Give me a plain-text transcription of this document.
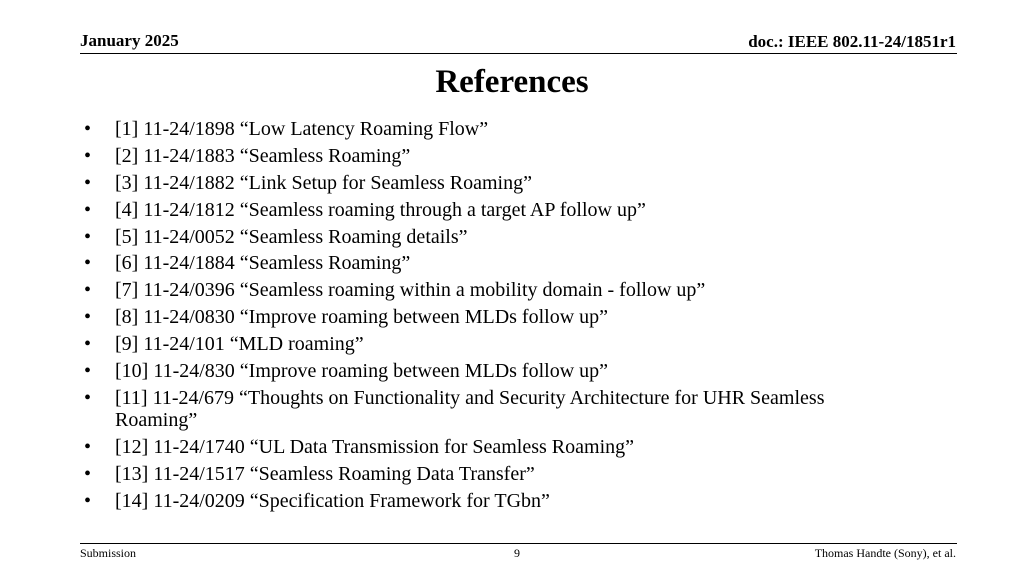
January 2025	doc.: IEEE 802.11-24/1851r1
References
•	[1] 11-24/1898 “Low Latency Roaming Flow”
•	[2] 11-24/1883 “Seamless Roaming”
•	[3] 11-24/1882 “Link Setup for Seamless Roaming”
•	[4] 11-24/1812 “Seamless roaming through a target AP follow up”
•	[5] 11-24/0052 “Seamless Roaming details”
•	[6] 11-24/1884 “Seamless Roaming”
•	[7] 11-24/0396 “Seamless roaming within a mobility domain - follow up”
•	[8] 11-24/0830 “Improve roaming between MLDs follow up”
•	[9] 11-24/101 “MLD roaming”
•	[10] 11-24/830 “Improve roaming between MLDs follow up”
•	[11] 11-24/679 “Thoughts on Functionality and Security Architecture for UHR Seamless Roaming”
•	[12] 11-24/1740 “UL Data Transmission for Seamless Roaming”
•	[13] 11-24/1517 “Seamless Roaming Data Transfer”
•	[14] 11-24/0209 “Specification Framework for TGbn”
Submission	9	Thomas Handte (Sony), et al.
